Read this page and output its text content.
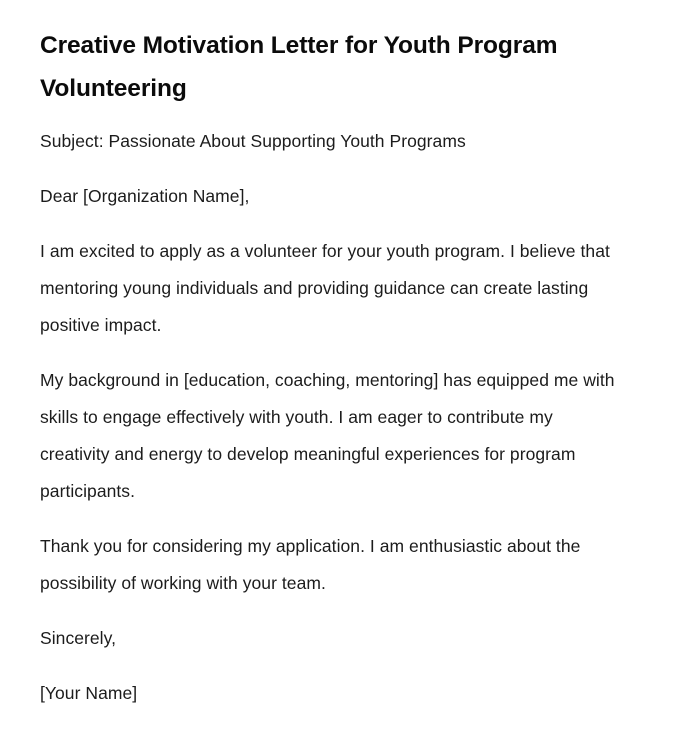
Creative Motivation Letter for Youth Program Volunteering

Subject: Passionate About Supporting Youth Programs

Dear [Organization Name],

I am excited to apply as a volunteer for your youth program. I believe that mentoring young individuals and providing guidance can create lasting positive impact.

My background in [education, coaching, mentoring] has equipped me with skills to engage effectively with youth. I am eager to contribute my creativity and energy to develop meaningful experiences for program participants.

Thank you for considering my application. I am enthusiastic about the possibility of working with your team.

Sincerely,

[Your Name]
